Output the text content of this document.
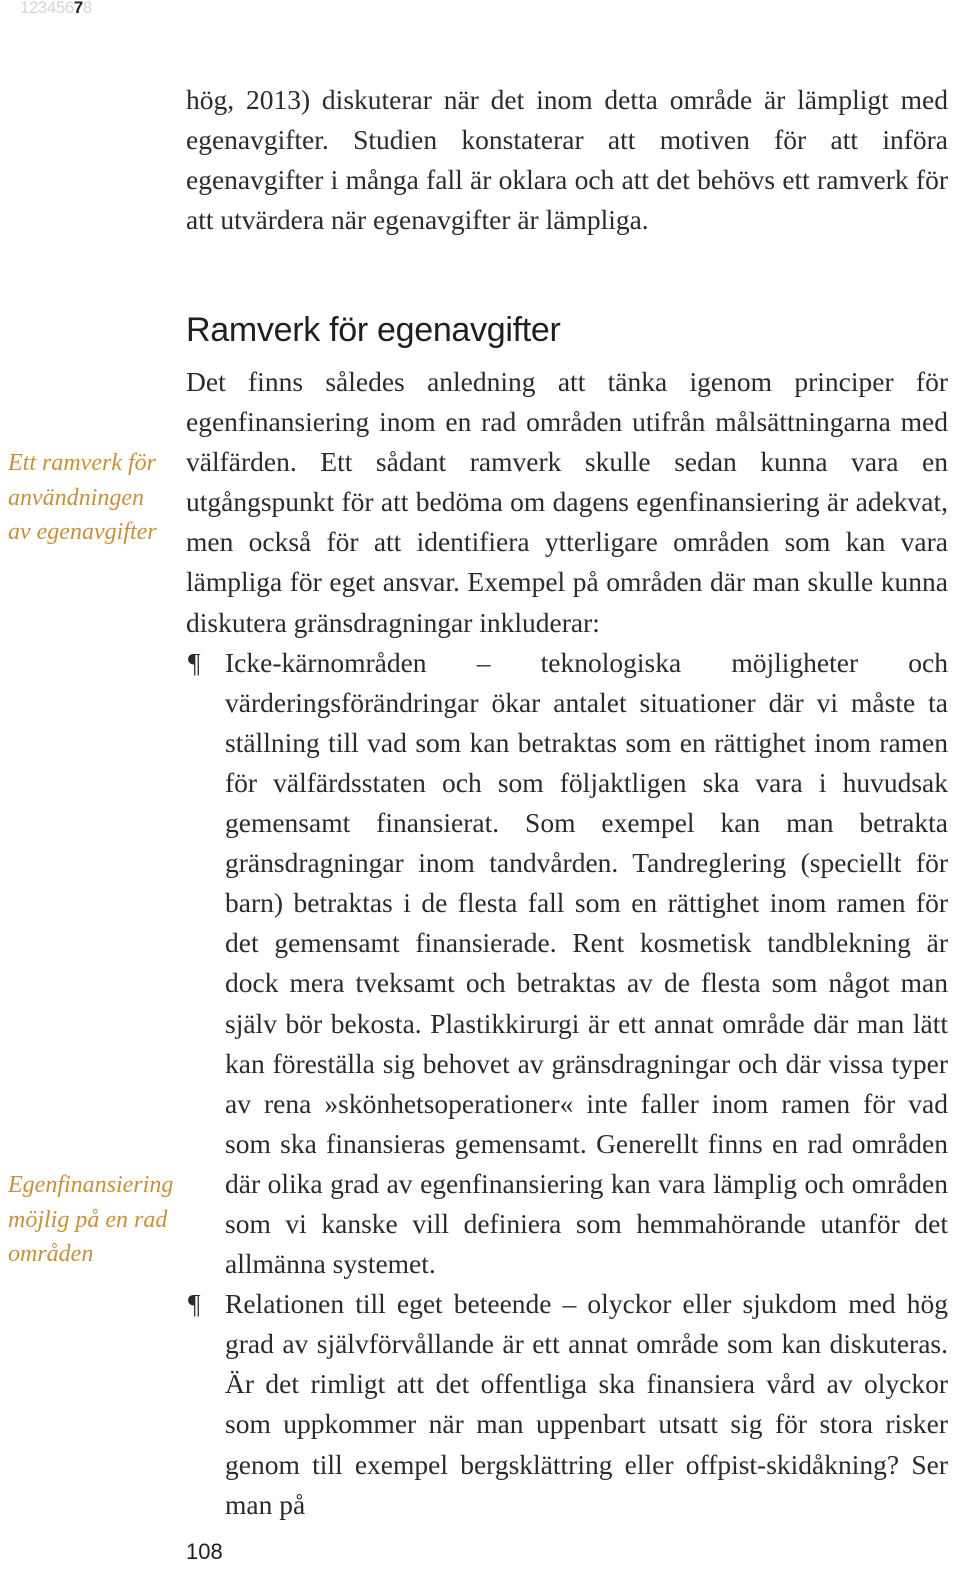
12345678

hög, 2013) diskuterar när det inom detta område är lämpligt med egenavgifter. Studien konstaterar att motiven för att införa egenavgifter i många fall är oklara och att det behövs ett ramverk för att utvärdera när egenavgifter är lämpliga.

Ramverk för egenavgifter

Det finns således anledning att tänka igenom principer för egenfinansiering inom en rad områden utifrån målsättningarna med välfärden. Ett sådant ramverk skulle sedan kunna vara en utgångspunkt för att bedöma om dagens egenfinansiering är adekvat, men också för att identifiera ytterligare områden som kan vara lämpliga för eget ansvar. Exempel på områden där man skulle kunna diskutera gränsdragningar inkluderar:

¶ Icke-kärnområden – teknologiska möjligheter och värderingsförändringar ökar antalet situationer där vi måste ta ställning till vad som kan betraktas som en rättighet inom ramen för välfärdsstaten och som följaktligen ska vara i huvudsak gemensamt finansierat. Som exempel kan man betrakta gränsdragningar inom tandvården. Tandreglering (speciellt för barn) betraktas i de flesta fall som en rättighet inom ramen för det gemensamt finansierade. Rent kosmetisk tandblekning är dock mera tveksamt och betraktas av de flesta som något man själv bör bekosta. Plastikkirurgi är ett annat område där man lätt kan föreställa sig behovet av gränsdragningar och där vissa typer av rena »skönhetsoperationer« inte faller inom ramen för vad som ska finansieras gemensamt. Generellt finns en rad områden där olika grad av egenfinansiering kan vara lämplig och områden som vi kanske vill definiera som hemmahörande utanför det allmänna systemet.
¶ Relationen till eget beteende – olyckor eller sjukdom med hög grad av självförvållande är ett annat område som kan diskuteras. Är det rimligt att det offentliga ska finansiera vård av olyckor som uppkommer när man uppenbart utsatt sig för stora risker genom till exempel bergsklättring eller offpist-skidåkning? Ser man på

Ett ramverk för användningen av egenavgifter

Egenfinansiering möjlig på en rad områden

108
